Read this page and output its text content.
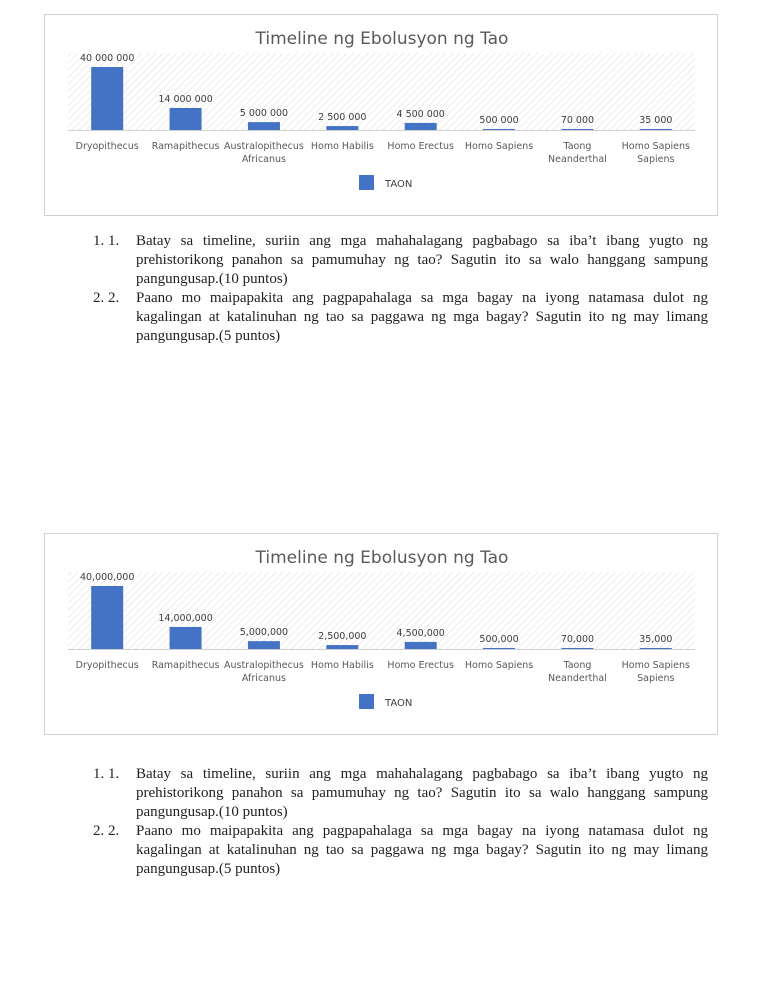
Timeline ng Ebolusyon ng Tao
40 000 000
Dryopithecus
14 000 000
Ramapithecus
5 000 000
Australopithecus
Africanus
2 500 000
Homo Habilis
4 500 000
Homo Erectus
500 000
Homo Sapiens
70 000
Taong
Neanderthal
35 000
Homo Sapiens
Sapiens
TAON
1. 1. Batay sa timeline, suriin ang mga mahahalagang pagbabago sa iba’t ibang yugto ng prehistorikong panahon sa pamumuhay ng tao? Sagutin ito sa walo hanggang sampung pangungusap.(10 puntos)
2. 2. Paano mo maipapakita ang pagpapahalaga sa mga bagay na iyong natamasa dulot ng kagalingan at katalinuhan ng tao sa paggawa ng mga bagay? Sagutin ito ng may limang pangungusap.(5 puntos)
Timeline ng Ebolusyon ng Tao
40,000,000
Dryopithecus
14,000,000
Ramapithecus
5,000,000
Australopithecus
Africanus
2,500,000
Homo Habilis
4,500,000
Homo Erectus
500,000
Homo Sapiens
70,000
Taong
Neanderthal
35,000
Homo Sapiens
Sapiens
TAON
1. 1. Batay sa timeline, suriin ang mga mahahalagang pagbabago sa iba’t ibang yugto ng prehistorikong panahon sa pamumuhay ng tao? Sagutin ito sa walo hanggang sampung pangungusap.(10 puntos)
2. 2. Paano mo maipapakita ang pagpapahalaga sa mga bagay na iyong natamasa dulot ng kagalingan at katalinuhan ng tao sa paggawa ng mga bagay? Sagutin ito ng may limang pangungusap.(5 puntos)
